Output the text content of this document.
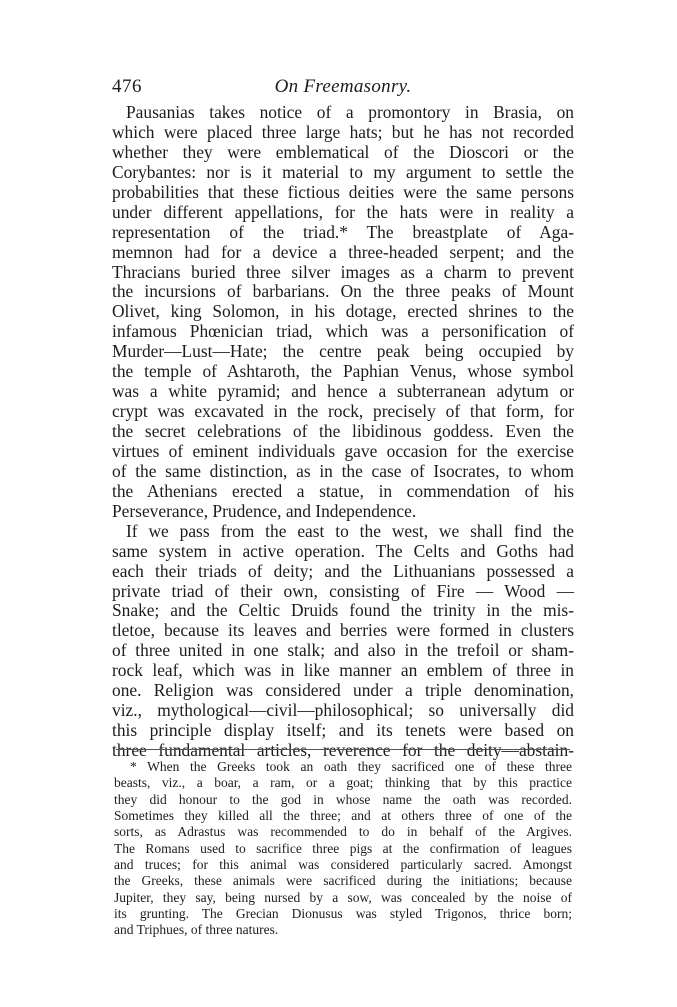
476	On Freemasonry.
Pausanias takes notice of a promontory in Brasia, on
which were placed three large hats; but he has not recorded
whether they were emblematical of the Dioscori or the
Corybantes: nor is it material to my argument to settle the
probabilities that these fictious deities were the same persons
under different appellations, for the hats were in reality a
representation of the triad.* The breastplate of Aga-
memnon had for a device a three-headed serpent; and the
Thracians buried three silver images as a charm to prevent
the incursions of barbarians. On the three peaks of Mount
Olivet, king Solomon, in his dotage, erected shrines to the
infamous Phœnician triad, which was a personification of
Murder—Lust—Hate; the centre peak being occupied by
the temple of Ashtaroth, the Paphian Venus, whose symbol
was a white pyramid; and hence a subterranean adytum or
crypt was excavated in the rock, precisely of that form, for
the secret celebrations of the libidinous goddess. Even the
virtues of eminent individuals gave occasion for the exercise
of the same distinction, as in the case of Isocrates, to whom
the Athenians erected a statue, in commendation of his
Perseverance, Prudence, and Independence.
If we pass from the east to the west, we shall find the
same system in active operation. The Celts and Goths had
each their triads of deity; and the Lithuanians possessed a
private triad of their own, consisting of Fire — Wood —
Snake; and the Celtic Druids found the trinity in the mis-
tletoe, because its leaves and berries were formed in clusters
of three united in one stalk; and also in the trefoil or sham-
rock leaf, which was in like manner an emblem of three in
one. Religion was considered under a triple denomination,
viz., mythological—civil—philosophical; so universally did
this principle display itself; and its tenets were based on
three fundamental articles, reverence for the deity—abstain-
* When the Greeks took an oath they sacrificed one of these three
beasts, viz., a boar, a ram, or a goat; thinking that by this practice
they did honour to the god in whose name the oath was recorded.
Sometimes they killed all the three; and at others three of one of the
sorts, as Adrastus was recommended to do in behalf of the Argives.
The Romans used to sacrifice three pigs at the confirmation of leagues
and truces; for this animal was considered particularly sacred. Amongst
the Greeks, these animals were sacrificed during the initiations; because
Jupiter, they say, being nursed by a sow, was concealed by the noise of
its grunting. The Grecian Dionusus was styled Trigonos, thrice born;
and Triphues, of three natures.
